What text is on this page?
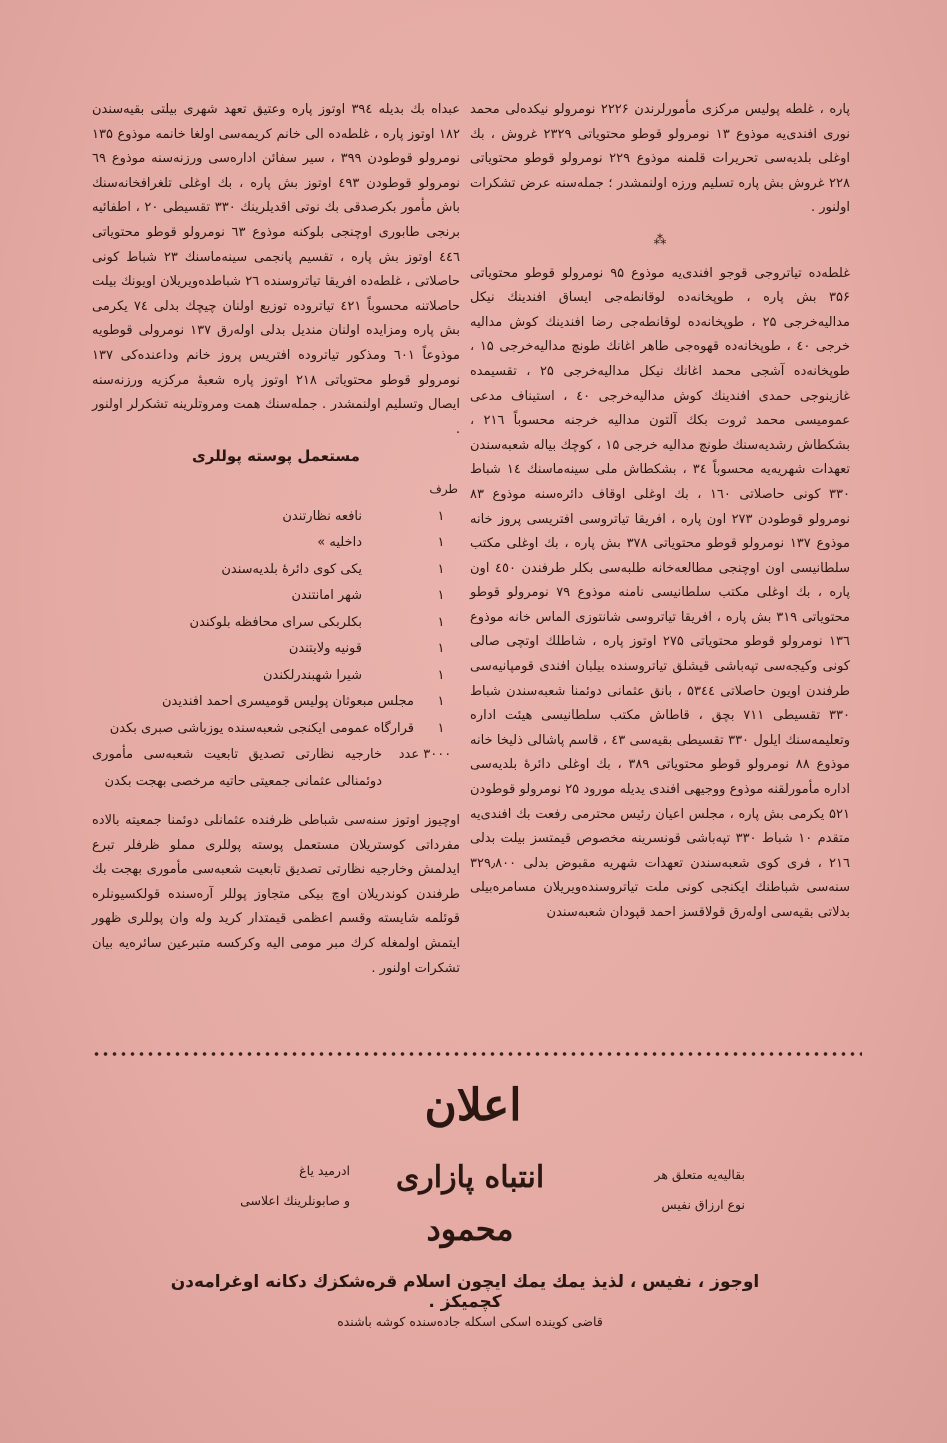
پاره ، غلطه پولیس مرکزی مأمورلرندن ۲۲۲۶ نومرولو نیکده‌لی محمد نوری افندی‌یه موذوع ۱۳ نومرولو قوطو محتویاتی ۲۳۲۹ غروش ، بك اوغلی بلدیه‌سی تحریرات قلمنه موذوع ۲۲۹ نومرولو قوطو محتویاتی ۲۲۸ غروش بش پاره تسلیم ورزه اولنمشدر ؛ جمله‌سنه عرض تشکرات اولنور .

⁂

غلطه‌ده تیاتروجی قوجو افندی‌یه موذوع ۹۵ نومرولو قوطو محتویاتی ۳۵۶ بش پاره ، طوپخانه‌ده لوقانطه‌جی ایساق افندینك نیكل مدالیه‌خرجی ۲۵ ، طوپخانه‌ده لوقانطه‌جی رضا افندینك کوش مدالیه خرجی ٤٠ ، طوپخانه‌ده قهوه‌جی طاهر اغانك طونچ مدالیه‌خرجی ۱۵ ، طوپخانه‌ده آشجی محمد اغانك نیكل مدالیه‌خرجی ۲۵ ، تقسیمده غازینوجی حمدی افندینك کوش مدالیه‌خرجی ٤٠ ، استیناف مدعی عمومیسی محمد ثروت بکك آلتون مدالیه خرجنه محسوباً ۲۱٦ ، بشکطاش رشدیه‌سنك طونچ مدالیه خرجی ۱۵ ، کوچك بیاله شعبه‌سندن تعهدات شهریه‌یه محسوباً ۳٤ ، بشکطاش ملی سینه‌ماسنك ۱٤ شباط ۳۳۰ کونی حاصلاتی ۱٦٠ ، بك اوغلی اوقاف دائره‌سنه موذوع ۸۳ نومرولو قوطودن ۲۷۳ اون پاره ، افریقا تیاتروسی افتریسی پروز خانه موذوع ۱۳۷ نومرولو قوطو محتویاتی ۳۷۸ بش پاره ، بك اوغلی مکتب سلطانیسی اون اوچنجی مطالعه‌خانه طلبه‌سی بکلر طرفندن ٤٥٠ اون پاره ، بك اوغلی مکتب سلطانیسی نامنه موذوع ۷۹ نومرولو قوطو محتویاتی ۳۱۹ بش پاره ، افریقا تیاتروسی شانتوزی الماس خانه موذوع ۱۳٦ نومرولو قوطو محتویاتی ۲۷۵ اوتوز پاره ، شاطلك اوتچی صالی کونی وکیجه‌سی تپه‌باشی قیشلق تیاتروسنده بیلبان افندی قومپانیه‌سی طرفندن اویون حاصلاتی ۵۳٤٤ ، بانق عثمانی دوئمنا شعبه‌سندن شباط ۳۳۰ تقسیطی ۷۱۱ بچق ، قاطاش مکتب سلطانیسی هیئت اداره وتعلیمه‌سنك ایلول ۳۳۰ تقسیطی بقیه‌سی ٤۳ ، قاسم پاشالی ذلیخا خانه موذوع ۸۸ نومرولو قوطو محتویاتی ۳۸۹ ، بك اوغلی دائرهٔ بلدیه‌سی اداره مأمورلقنه موذوع ووجیهی افندی یدیله مورود ۲۵ نومرولو قوطودن ۵۲۱ یکرمی بش پاره ، مجلس اعیان رئیس محترمی رفعت بك افندی‌یه متقدم ۱٠ شباط ۳۳۰ تپه‌باشی قونسرینه مخصوص قیمتسز بیلت بدلی ۲۱٦ ، فری کوی شعبه‌سندن تعهدات شهریه مقبوض بدلی ۳۲۹٫۸٠٠ سنه‌سی شباطنك ایکنجی کونی ملت تیاتروسنده‌ویریلان مسامره‌بیلی بدلاتی بقیه‌سی اوله‌رق قولاقسز احمد قپودان شعبه‌سندن

عبداه بك بدیله ۳۹٤ اوتوز پاره وعتیق تعهد شهری بیلتی بقیه‌سندن ۱۸۲ اوتوز پاره ، غلطه‌ده الی خانم کریمه‌سی اولغا خانمه موذوع ۱۳۵ نومرولو قوطودن ۳۹۹ ، سیر سفائن اداره‌سی ورزنه‌سنه موذوع ٦۹ نومرولو قوطودن ٤۹۳ اوتوز بش پاره ، بك اوغلی تلغرافخانه‌سنك باش مأمور بکرصدقی بك نوتی اقدیلرینك ۳۳٠ تقسیطی ۲٠ ، اطفائیه برنجی طابوری اوچنجی بلوکنه موذوع ٦۳ نومرولو قوطو محتویاتی ٤٤٦ اوتوز بش پاره ، تقسیم پانجمی سینه‌ماسنك ۲۳ شباط کونی حاصلاتی ، غلطه‌ده افریقا تیاتروسنده ۲٦ شباطده‌ویریلان اویونك بیلت حاصلاتنه محسوباً ٤۲۱ تیاتروده توزیع اولنان چیچك بدلی ۷٤ یکرمی بش پاره ومزایده اولنان منديل بدلی اوله‌رق ۱۳۷ نومرولی قوطویه موذوعاً ٦٠۱ ومذکور تیاتروده افتریس پروز خانم وداعنده‌کی ۱۳۷ نومرولو قوطو محتویاتی ۲۱۸ اوتوز پاره شعبهٔ مرکزیه ورزنه‌سنه ایصال وتسلیم اولنمشدر . جمله‌سنك همت ومروتلرینه تشکرلر اولنور .

مستعمل پوسته پوللری
طرف
۱
نافعه نظارتندن
۱
داخلیه »
۱
یکی کوی دائرهٔ بلدیه‌سندن
۱
شهر امانتندن
۱
بکلربکی سرای محافظه بلوکندن
۱
قونیه ولایتندن
۱
شیرا شهبندرلکندن
۱
مجلس مبعوثان پولیس قومیسری احمد افندیدن
۱
قرارگاه عمومی ایکنجی شعبه‌سنده یوزباشی صبری بکدن
۳٠٠٠ عدد
خارجیه نظارتی تصدیق تابعیت شعبه‌سی مأموری دوئمنالی عثمانی جمعیتی حاتیه مرخصی بهجت بکدن

اوچیوز اوتوز سنه‌سی شباطی ظرفنده عثمانلی دوئمنا جمعیته بالاده مفرداتی کوستریلان مستعمل پوسته پوللری مملو ظرفلر تبرع ایدلمش وخارجیه نظارتی تصدیق تابعیت شعبه‌سی مأموری بهجت بك طرفندن کوندریلان اوچ بیکی متجاوز پوللر آره‌سنده قولکسیونلره قوئلمه شایسته وقسم اعظمی قیمتدار کرید وله وان پوللری ظهور ایتمش اولمغله کرك مبر مومی الیه وکرکسه متبرعین سائره‌یه بیان تشکرات اولنور .

اعلان
انتباه پازاری
محمود
بقالیه‌یه متعلق هر
نوع ارزاق نفیس
ادرمید یاغ
و صابونلرینك اعلاسی
اوجوز ، نفیس ، لذیذ یمك یمك ایچون اسلام قره‌شکزك دکانه اوغرامه‌دن کچمیکز .
قاضی کوینده اسکی اسکله جاده‌سنده کوشه باشنده
